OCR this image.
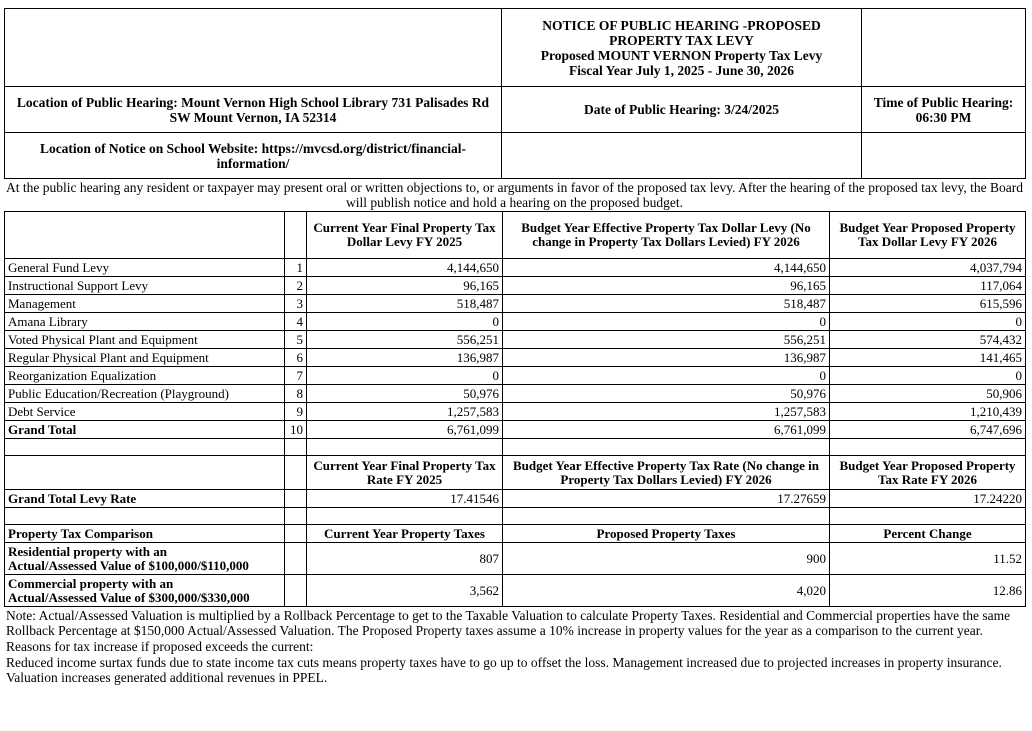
	NOTICE OF PUBLIC HEARING -PROPOSED
PROPERTY TAX LEVY
Proposed MOUNT VERNON Property Tax Levy
Fiscal Year July 1, 2025 - June 30, 2026	

Location of Public Hearing: Mount Vernon High School Library 731 Palisades Rd SW Mount Vernon, IA 52314	Date of Public Hearing: 3/24/2025	Time of Public Hearing: 06:30 PM
Location of Notice on School Website: https://mvcsd.org/district/financial-information/		
At the public hearing any resident or taxpayer may present oral or written objections to, or arguments in favor of the proposed tax levy. After the hearing of the proposed tax levy, the Board will publish notice and hold a hearing on the proposed budget.
		Current Year Final Property Tax Dollar Levy FY 2025	Budget Year Effective Property Tax Dollar Levy (No change in Property Tax Dollars Levied) FY 2026	Budget Year Proposed Property Tax Dollar Levy FY 2026
General Fund Levy	1	4,144,650	4,144,650	4,037,794
Instructional Support Levy	2	96,165	96,165	117,064
Management	3	518,487	518,487	615,596
Amana Library	4	0	0	0
Voted Physical Plant and Equipment	5	556,251	556,251	574,432
Regular Physical Plant and Equipment	6	136,987	136,987	141,465
Reorganization Equalization	7	0	0	0
Public Education/Recreation (Playground)	8	50,976	50,976	50,906
Debt Service	9	1,257,583	1,257,583	1,210,439
Grand Total	10	6,761,099	6,761,099	6,747,696

		Current Year Final Property Tax Rate FY 2025	Budget Year Effective Property Tax Rate (No change in Property Tax Dollars Levied) FY 2026	Budget Year Proposed Property Tax Rate FY 2026
Grand Total Levy Rate		17.41546	17.27659	17.24220

Property Tax Comparison		Current Year Property Taxes	Proposed Property Taxes	Percent Change

Residential property with an
Actual/Assessed Value of $100,000/$110,000		807	900	11.52

Commercial property with an
Actual/Assessed Value of $300,000/$330,000		3,562	4,020	12.86
Note: Actual/Assessed Valuation is multiplied by a Rollback Percentage to get to the Taxable Valuation to calculate Property Taxes. Residential and Commercial properties have the same Rollback Percentage at $150,000 Actual/Assessed Valuation. The Proposed Property taxes assume a 10% increase in property values for the year as a comparison to the current year.
Reasons for tax increase if proposed exceeds the current:
Reduced income surtax funds due to state income tax cuts means property taxes have to go up to offset the loss. Management increased due to projected increases in property insurance. Valuation increases generated additional revenues in PPEL.
